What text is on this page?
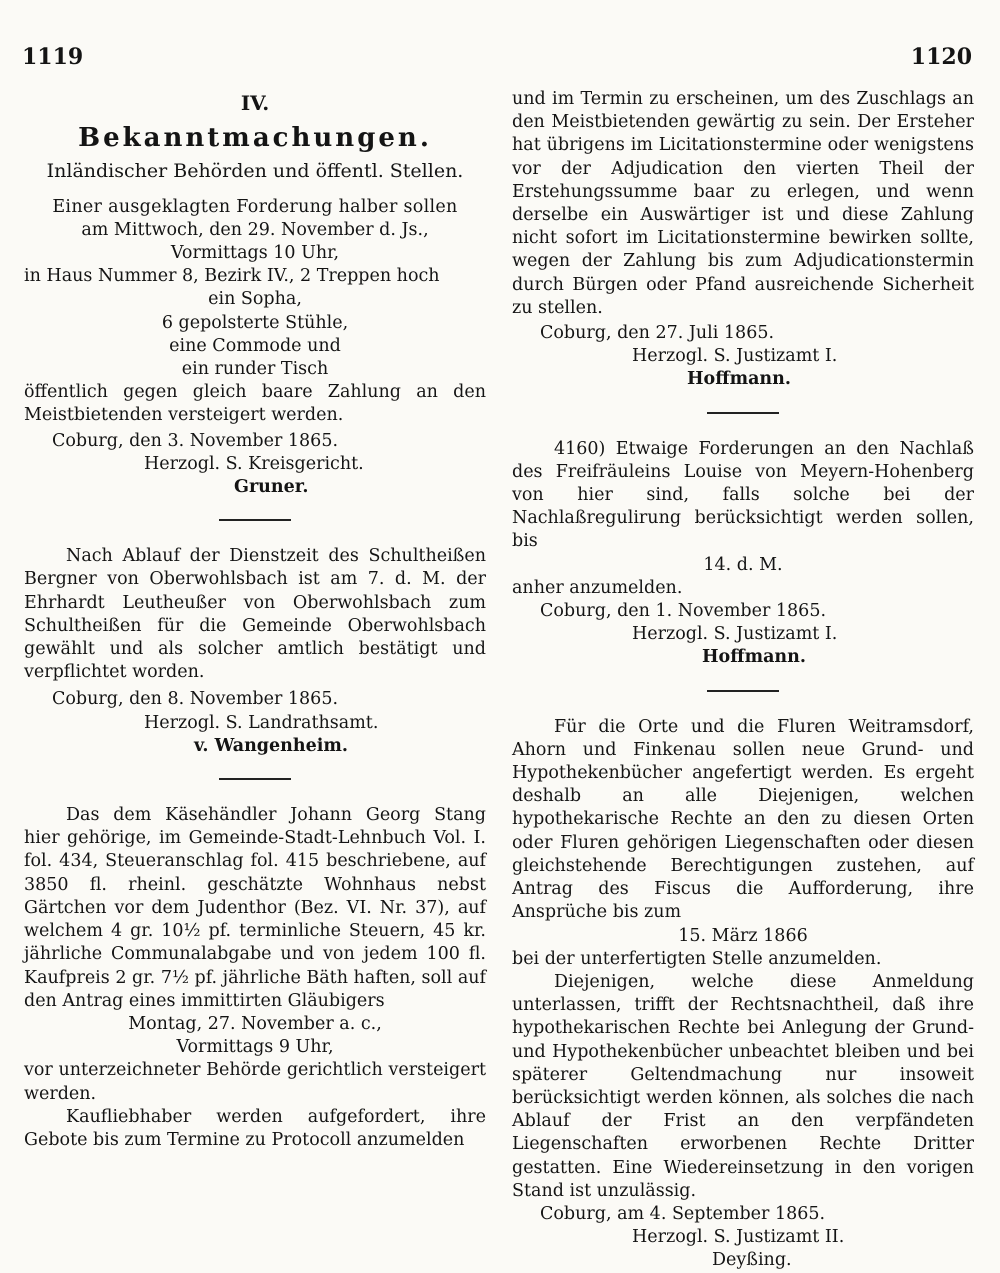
1119	1120
IV.
Bekanntmachungen.
Inländischer Behörden und öffentl. Stellen.
Einer ausgeklagten Forderung halber sollen
am Mittwoch, den 29. November d. Js.,
Vormittags 10 Uhr,
in Haus Nummer 8, Bezirk IV., 2 Treppen hoch
ein Sopha,
6 gepolsterte Stühle,
eine Commode und
ein runder Tisch
öffentlich gegen gleich baare Zahlung an den Meistbietenden versteigert werden.
Coburg, den 3. November 1865.
Herzogl. S. Kreisgericht.
Gruner.
Nach Ablauf der Dienstzeit des Schultheißen Bergner von Oberwohlsbach ist am 7. d. M. der Ehrhardt Leutheußer von Oberwohlsbach zum Schultheißen für die Gemeinde Oberwohlsbach gewählt und als solcher amtlich bestätigt und verpflichtet worden.
Coburg, den 8. November 1865.
Herzogl. S. Landrathsamt.
v. Wangenheim.
Das dem Käsehändler Johann Georg Stang hier gehörige, im Gemeinde-Stadt-Lehnbuch Vol. I. fol. 434, Steueranschlag fol. 415 beschriebene, auf 3850 fl. rheinl. geschätzte Wohnhaus nebst Gärtchen vor dem Judenthor (Bez. VI. Nr. 37), auf welchem 4 gr. 10½ pf. terminliche Steuern, 45 kr. jährliche Communalabgabe und von jedem 100 fl. Kaufpreis 2 gr. 7½ pf. jährliche Bäth haften, soll auf den Antrag eines immittirten Gläubigers
Montag, 27. November a. c.,
Vormittags 9 Uhr,
vor unterzeichneter Behörde gerichtlich versteigert werden.
Kaufliebhaber werden aufgefordert, ihre Gebote bis zum Termine zu Protocoll anzumelden
und im Termin zu erscheinen, um des Zuschlags an den Meistbietenden gewärtig zu sein. Der Ersteher hat übrigens im Licitationstermine oder wenigstens vor der Adjudication den vierten Theil der Erstehungssumme baar zu erlegen, und wenn derselbe ein Auswärtiger ist und diese Zahlung nicht sofort im Licitationstermine bewirken sollte, wegen der Zahlung bis zum Adjudicationstermin durch Bürgen oder Pfand ausreichende Sicherheit zu stellen.
Coburg, den 27. Juli 1865.
Herzogl. S. Justizamt I.
Hoffmann.
4160) Etwaige Forderungen an den Nachlaß des Freifräuleins Louise von Meyern-Hohenberg von hier sind, falls solche bei der Nachlaßregulirung berücksichtigt werden sollen, bis
14. d. M.
anher anzumelden.
Coburg, den 1. November 1865.
Herzogl. S. Justizamt I.
Hoffmann.
Für die Orte und die Fluren Weitramsdorf, Ahorn und Finkenau sollen neue Grund- und Hypothekenbücher angefertigt werden. Es ergeht deshalb an alle Diejenigen, welchen hypothekarische Rechte an den zu diesen Orten oder Fluren gehörigen Liegenschaften oder diesen gleichstehende Berechtigungen zustehen, auf Antrag des Fiscus die Aufforderung, ihre Ansprüche bis zum
15. März 1866
bei der unterfertigten Stelle anzumelden.
Diejenigen, welche diese Anmeldung unterlassen, trifft der Rechtsnachtheil, daß ihre hypothekarischen Rechte bei Anlegung der Grund- und Hypothekenbücher unbeachtet bleiben und bei späterer Geltendmachung nur insoweit berücksichtigt werden können, als solches die nach Ablauf der Frist an den verpfändeten Liegenschaften erworbenen Rechte Dritter gestatten. Eine Wiedereinsetzung in den vorigen Stand ist unzulässig.
Coburg, am 4. September 1865.
Herzogl. S. Justizamt II.
Deyßing.
